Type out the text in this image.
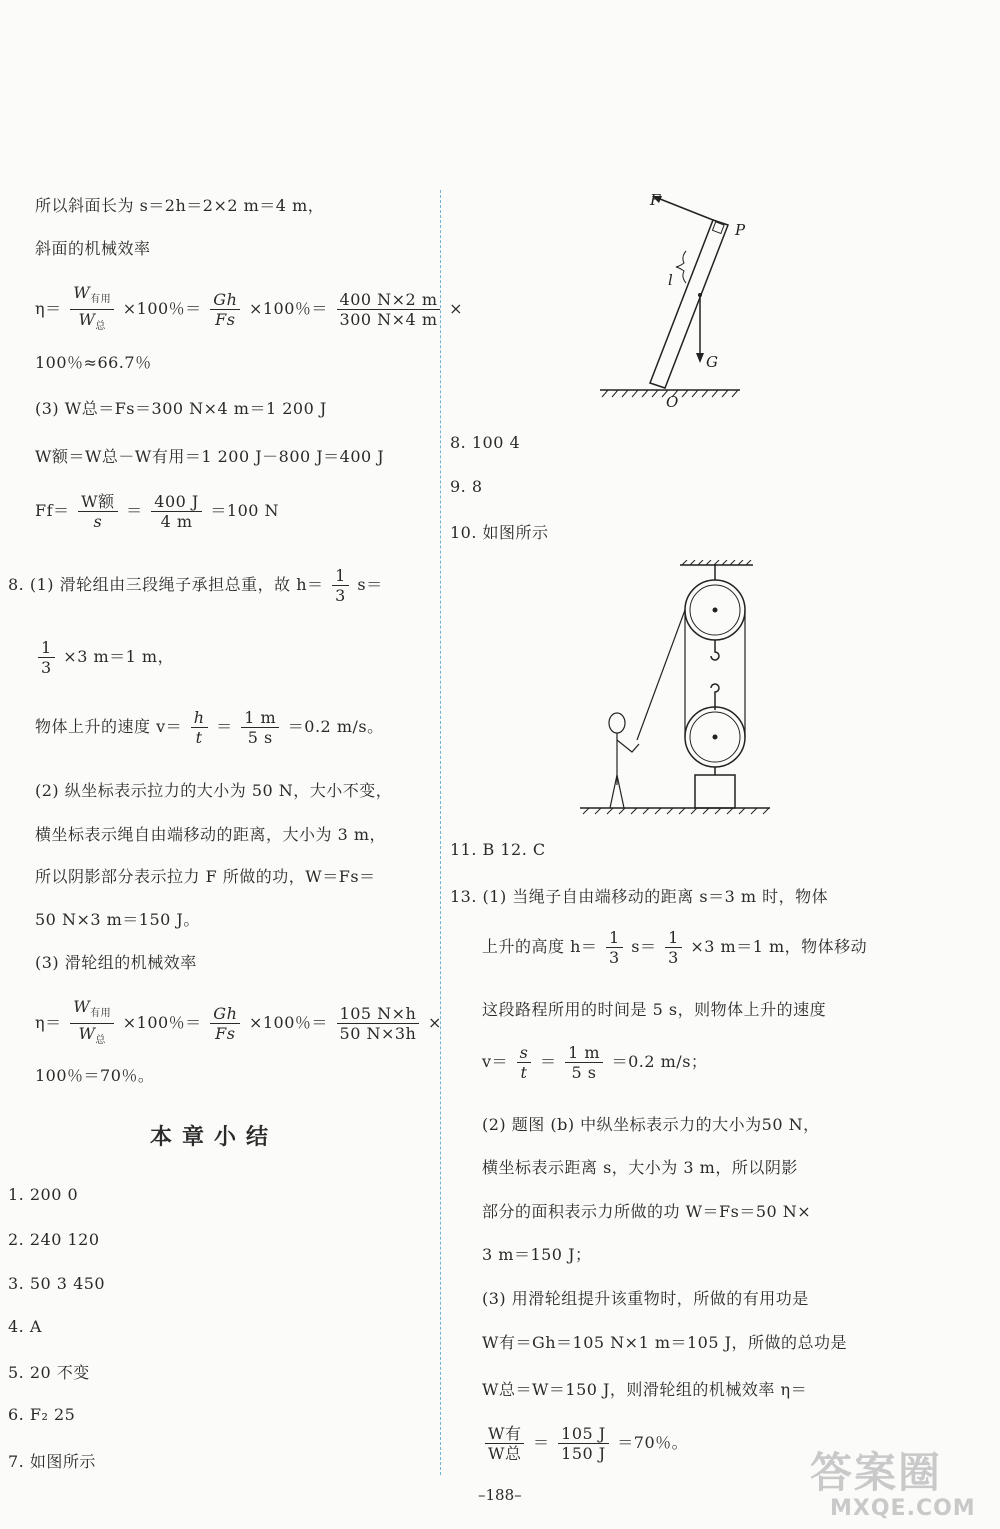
所以斜面长为 s＝2h＝2×2 m＝4 m，
斜面的机械效率
$\eta= \frac{W_{有用}}{W_总} \times 100$％＝ $\frac{Gh}{Fs} \times 100$％＝ $\frac{400 N\times 2 m}{300 N\times 4 m}$ ×
100％≈66.7％
(3) W总＝Fs＝300 N×4 m＝1 200 J
W额＝W总－W有用＝1 200 J－800 J＝400 J
$Ff= \frac{\text{W额}}{s} = \frac{400 J}{4 m} =100$ N
8. (1) 滑轮组由三段绳子承担总重，故 $h= \frac{1}{3} s=$
$\frac{1}{3} \times 3$ m＝1 m，
物体上升的速度 $v= \frac{h}{t} = \frac{1 m}{5 s} =0.2$ m/s。
(2) 纵坐标表示拉力的大小为 50 N，大小不变，
横坐标表示绳自由端移动的距离，大小为 3 m，
所以阴影部分表示拉力 F 所做的功，W＝Fs＝
50 N×3 m＝150 J。
(3) 滑轮组的机械效率
$\eta= \frac{W_{有用}}{W_总} \times 100$％＝ $\frac{Gh}{Fs} \times 100$％＝ $\frac{105 N\times h}{50 N\times 3h}$ ×
100％＝70％。
本章小结
1. 200 0
2. 240 120
3. 50 3 450
4. A
5. 20 不变
6. F₂ 25
7. 如图所示
F
P
l
G
O
8. 100 4
9. 8
10. 如图所示
11. B 12. C
13. (1) 当绳子自由端移动的距离 s＝3 m 时，物体
上升的高度 $h= \frac{1}{3} s= \frac{1}{3} \times 3$ m＝1 m，物体移动
这段路程所用的时间是 5 s，则物体上升的速度
$v= \frac{s}{t} = \frac{1 m}{5 s} =0.2$ m/s；
(2) 题图 (b) 中纵坐标表示力的大小为50 N，
横坐标表示距离 s，大小为 3 m，所以阴影
部分的面积表示力所做的功 W＝Fs＝50 N×
3 m＝150 J；
(3) 用滑轮组提升该重物时，所做的有用功是
W有＝Gh＝105 N×1 m＝105 J，所做的总功是
W总＝W＝150 J，则滑轮组的机械效率 η＝
$\frac{\text{W有}}{\text{W总}} = \frac{105 J}{150 J} =70$％。
–188–	答案圈
MXQE.COM
